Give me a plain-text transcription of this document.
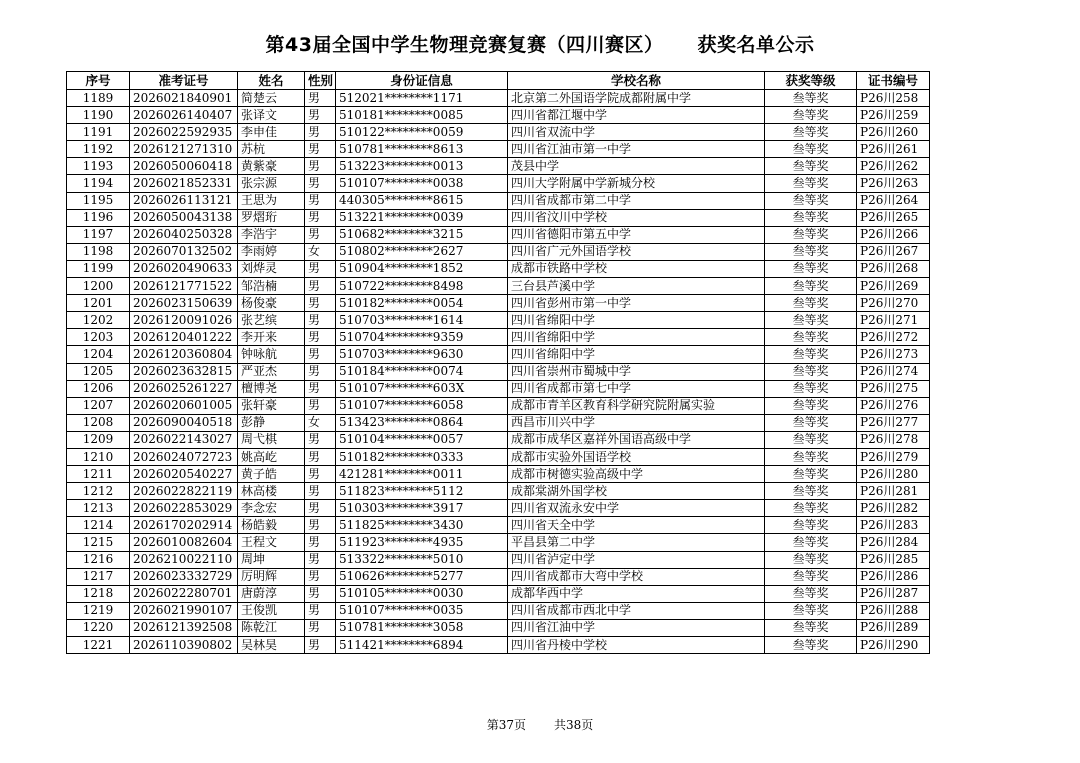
第43届全国中学生物理竞赛复赛（四川赛区） 获奖名单公示
序号	准考证号	姓名	性别	身份证信息	学校名称	获奖等级	证书编号
1189	2026021840901	简楚云	男	512021********1171	北京第二外国语学院成都附属中学	叁等奖	P26川258
1190	2026026140407	张译文	男	510181********0085	四川省都江堰中学	叁等奖	P26川259
1191	2026022592935	李申佳	男	510122********0059	四川省双流中学	叁等奖	P26川260
1192	2026121271310	苏杭	男	510781********8613	四川省江油市第一中学	叁等奖	P26川261
1193	2026050060418	黄紫豪	男	513223********0013	茂县中学	叁等奖	P26川262
1194	2026021852331	张宗源	男	510107********0038	四川大学附属中学新城分校	叁等奖	P26川263
1195	2026026113121	王思为	男	440305********8615	四川省成都市第二中学	叁等奖	P26川264
1196	2026050043138	罗熠珩	男	513221********0039	四川省汶川中学校	叁等奖	P26川265
1197	2026040250328	李浩宇	男	510682********3215	四川省德阳市第五中学	叁等奖	P26川266
1198	2026070132502	李雨婷	女	510802********2627	四川省广元外国语学校	叁等奖	P26川267
1199	2026020490633	刘烨灵	男	510904********1852	成都市铁路中学校	叁等奖	P26川268
1200	2026121771522	邹浩楠	男	510722********8498	三台县芦溪中学	叁等奖	P26川269
1201	2026023150639	杨俊豪	男	510182********0054	四川省彭州市第一中学	叁等奖	P26川270
1202	2026120091026	张艺缤	男	510703********1614	四川省绵阳中学	叁等奖	P26川271
1203	2026120401222	李开来	男	510704********9359	四川省绵阳中学	叁等奖	P26川272
1204	2026120360804	钟咏航	男	510703********9630	四川省绵阳中学	叁等奖	P26川273
1205	2026023632815	严亚杰	男	510184********0074	四川省崇州市蜀城中学	叁等奖	P26川274
1206	2026025261227	檀博尧	男	510107********603X	四川省成都市第七中学	叁等奖	P26川275
1207	2026020601005	张轩豪	男	510107********6058	成都市青羊区教育科学研究院附属实验	叁等奖	P26川276
1208	2026090040518	彭静	女	513423********0864	西昌市川兴中学	叁等奖	P26川277
1209	2026022143027	周弋棋	男	510104********0057	成都市成华区嘉祥外国语高级中学	叁等奖	P26川278
1210	2026024072723	姚高屹	男	510182********0333	成都市实验外国语学校	叁等奖	P26川279
1211	2026020540227	黄子皓	男	421281********0011	成都市树德实验高级中学	叁等奖	P26川280
1212	2026022822119	林高楼	男	511823********5112	成都棠湖外国学校	叁等奖	P26川281
1213	2026022853029	李念宏	男	510303********3917	四川省双流永安中学	叁等奖	P26川282
1214	2026170202914	杨皓毅	男	511825********3430	四川省天全中学	叁等奖	P26川283
1215	2026010082604	王程文	男	511923********4935	平昌县第二中学	叁等奖	P26川284
1216	2026210022110	周坤	男	513322********5010	四川省泸定中学	叁等奖	P26川285
1217	2026023332729	厉明辉	男	510626********5277	四川省成都市大弯中学校	叁等奖	P26川286
1218	2026022280701	唐蔚淳	男	510105********0030	成都华西中学	叁等奖	P26川287
1219	2026021990107	王俊凯	男	510107********0035	四川省成都市西北中学	叁等奖	P26川288
1220	2026121392508	陈乾江	男	510781********3058	四川省江油中学	叁等奖	P26川289
1221	2026110390802	吴林昊	男	511421********6894	四川省丹棱中学校	叁等奖	P26川290
第37页 共38页
